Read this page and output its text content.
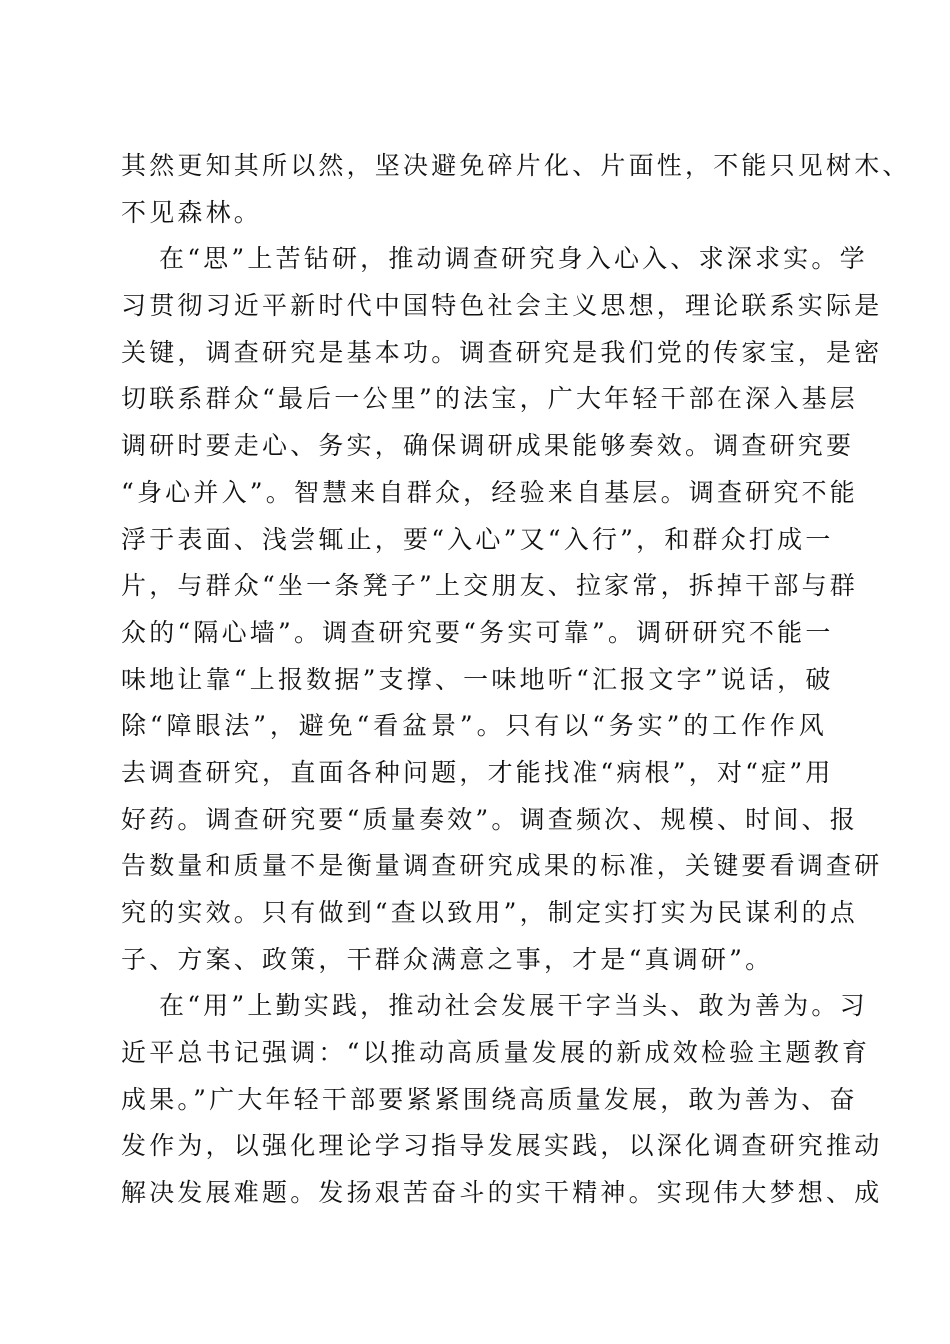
其然更知其所以然，坚决避免碎片化、片面性，不能只见树木、
不见森林。
在“思”上苦钻研，推动调查研究身入心入、求深求实。学
习贯彻习近平新时代中国特色社会主义思想，理论联系实际是
关键，调查研究是基本功。调查研究是我们党的传家宝，是密
切联系群众“最后一公里”的法宝，广大年轻干部在深入基层
调研时要走心、务实，确保调研成果能够奏效。调查研究要
“身心并入”。智慧来自群众，经验来自基层。调查研究不能
浮于表面、浅尝辄止，要“入心”又“入行”，和群众打成一
片，与群众“坐一条凳子”上交朋友、拉家常，拆掉干部与群
众的“隔心墙”。调查研究要“务实可靠”。调研研究不能一
味地让靠“上报数据”支撑、一味地听“汇报文字”说话，破
除“障眼法”，避免“看盆景”。只有以“务实”的工作作风
去调查研究，直面各种问题，才能找准“病根”，对“症”用
好药。调查研究要“质量奏效”。调查频次、规模、时间、报
告数量和质量不是衡量调查研究成果的标准，关键要看调查研
究的实效。只有做到“查以致用”，制定实打实为民谋利的点
子、方案、政策，干群众满意之事，才是“真调研”。
在“用”上勤实践，推动社会发展干字当头、敢为善为。习
近平总书记强调：“以推动高质量发展的新成效检验主题教育
成果。”广大年轻干部要紧紧围绕高质量发展，敢为善为、奋
发作为，以强化理论学习指导发展实践，以深化调查研究推动
解决发展难题。发扬艰苦奋斗的实干精神。实现伟大梦想、成
